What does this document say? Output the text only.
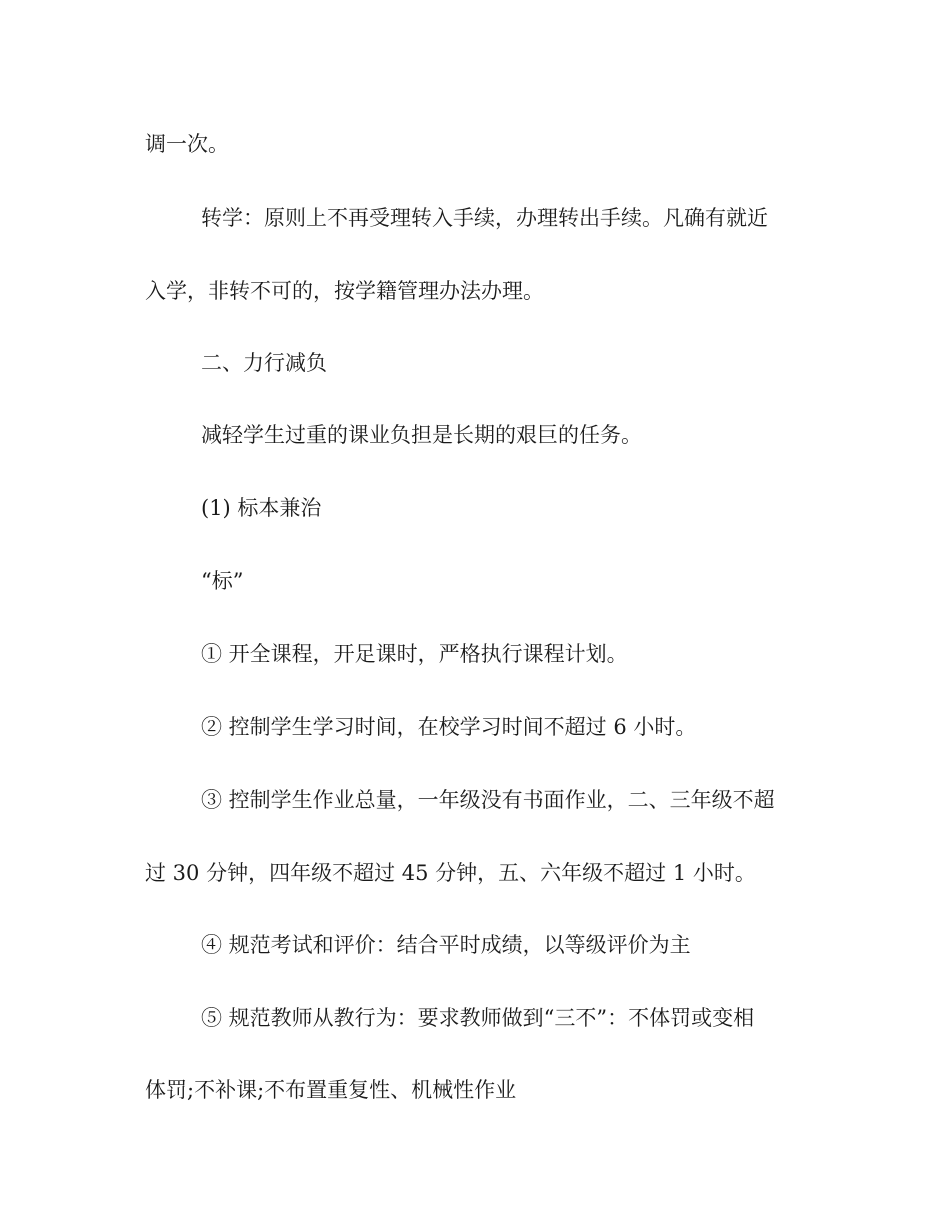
调一次。

转学：原则上不再受理转入手续，办理转出手续。凡确有就近

入学，非转不可的，按学籍管理办法办理。

二、力行减负

减轻学生过重的课业负担是长期的艰巨的任务。

(1) 标本兼治

“标”

① 开全课程，开足课时，严格执行课程计划。

② 控制学生学习时间，在校学习时间不超过 6 小时。

③ 控制学生作业总量，一年级没有书面作业，二、三年级不超

过 30 分钟，四年级不超过 45 分钟，五、六年级不超过 1 小时。

④ 规范考试和评价：结合平时成绩，以等级评价为主

⑤ 规范教师从教行为：要求教师做到“三不”：不体罚或变相

体罚;不补课;不布置重复性、机械性作业
